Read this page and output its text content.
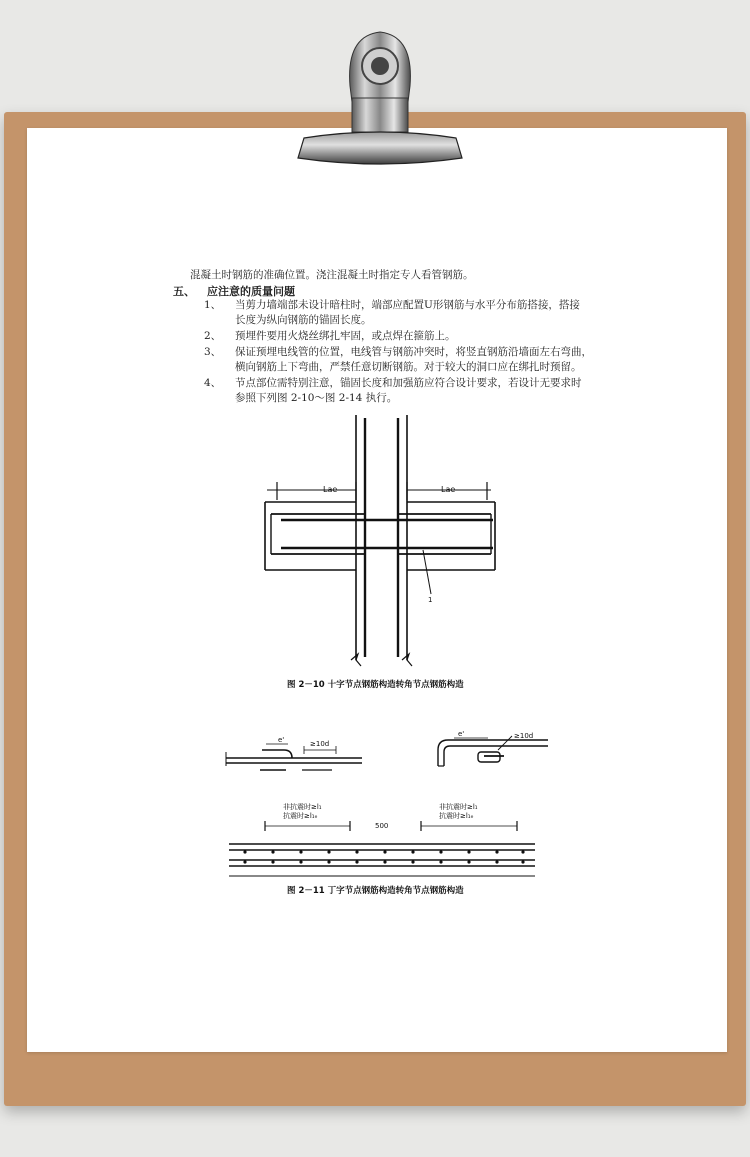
混凝土时钢筋的准确位置。浇注混凝土时指定专人看管钢筋。
五、 应注意的质量问题
1、 当剪力墙端部未设计暗柱时，端部应配置U形钢筋与水平分布筋搭接，搭接
长度为纵向钢筋的锚固长度。
2、 预埋件要用火烧丝绑扎牢固，或点焊在箍筋上。
3、 保证预埋电线管的位置，电线管与钢筋冲突时，将竖直钢筋沿墙面左右弯曲，
横向钢筋上下弯曲，严禁任意切断钢筋。对于较大的洞口应在绑扎时预留。
4、 节点部位需特别注意，锚固长度和加强筋应符合设计要求，若设计无要求时
参照下列图 2-10～图 2-14 执行。
Lae	Lae
1
图 2－10 十字节点钢筋构造转角节点钢筋构造
e'	≥10d
e'	≥10d
非抗震时≥l₁
抗震时≥l₁ₑ
非抗震时≥l₁
抗震时≥l₁ₑ
500
图 2－11 丁字节点钢筋构造转角节点钢筋构造
